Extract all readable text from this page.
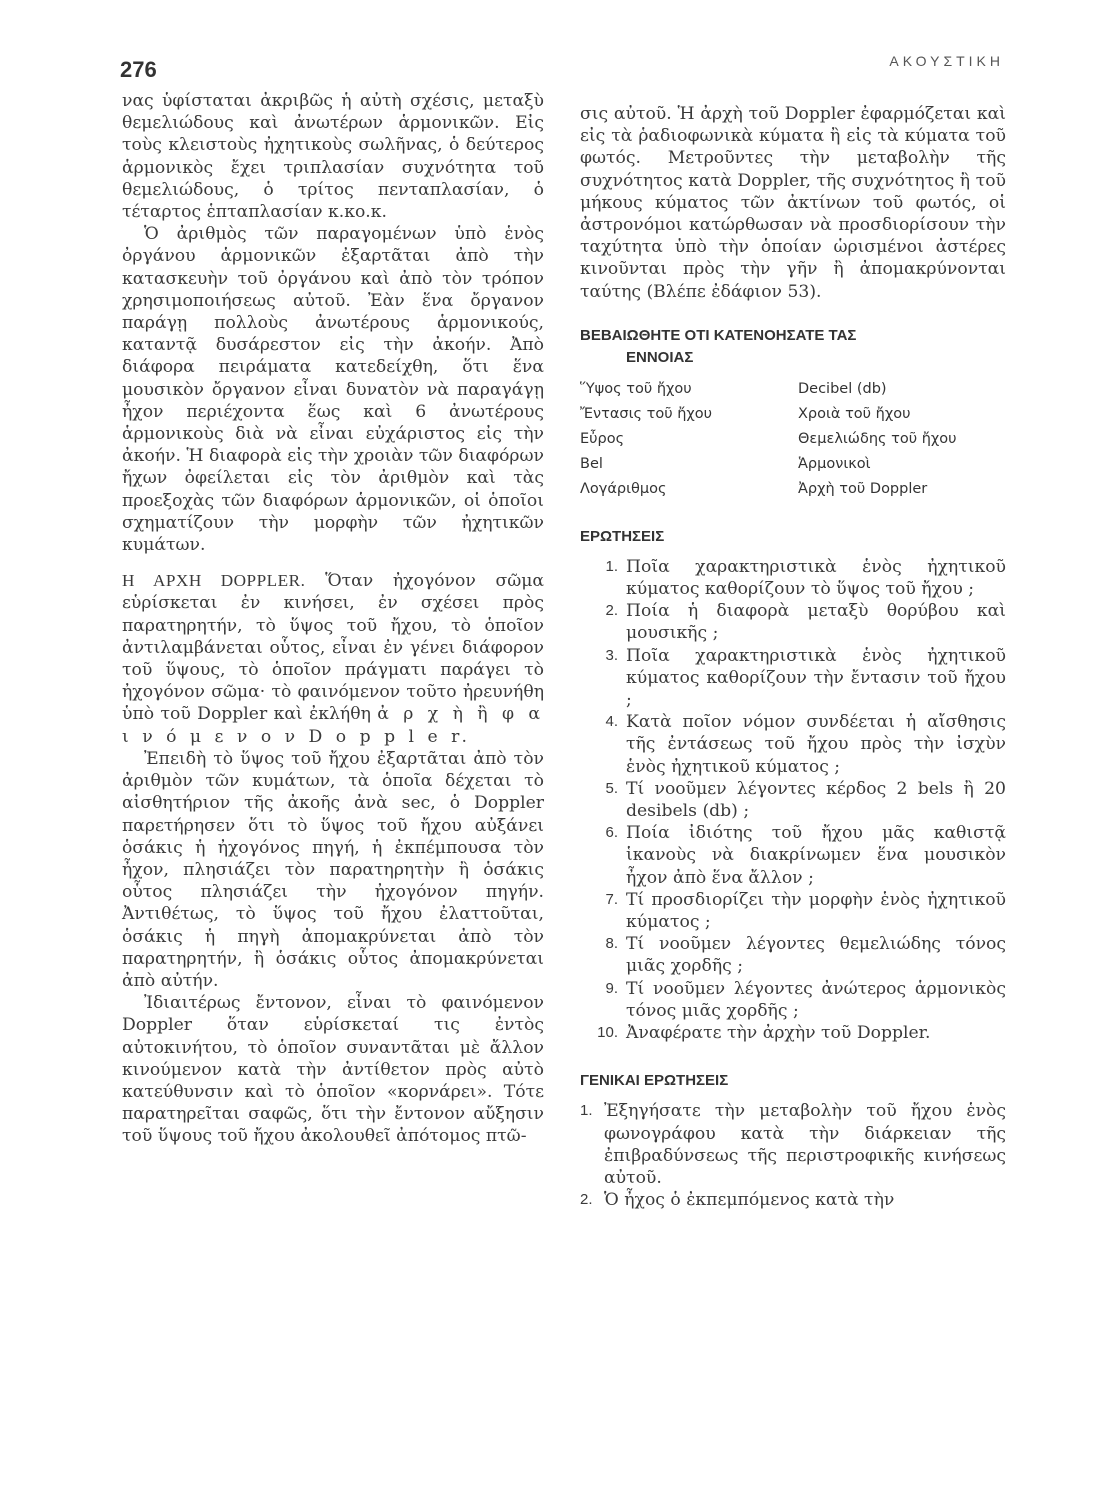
276	ΑΚΟΥΣΤΙΚΗ

νας ὑφίσταται ἀκριβῶς ἡ αὐτὴ σχέσις, μεταξὺ θεμελιώδους καὶ ἀνωτέρων ἁρμονικῶν. Εἰς τοὺς κλειστοὺς ἠχητικοὺς σωλῆνας, ὁ δεύτερος ἁρμονικὸς ἔχει τριπλασίαν συχνότητα τοῦ θεμελιώδους, ὁ τρίτος πενταπλασίαν, ὁ τέταρτος ἑπταπλασίαν κ.κο.κ.

Ὁ ἀριθμὸς τῶν παραγομένων ὑπὸ ἑνὸς ὀργάνου ἁρμονικῶν ἐξαρτᾶται ἀπὸ τὴν κατασκευὴν τοῦ ὀργάνου καὶ ἀπὸ τὸν τρόπον χρησιμοποιήσεως αὐτοῦ. Ἐὰν ἕνα ὄργανον παράγῃ πολλοὺς ἀνωτέρους ἁρμονικούς, καταντᾷ δυσάρεστον εἰς τὴν ἀκοήν. Ἀπὸ διάφορα πειράματα κατεδείχθη, ὅτι ἕνα μουσικὸν ὄργανον εἶναι δυνατὸν νὰ παραγάγῃ ἦχον περιέχοντα ἕως καὶ 6 ἀνωτέρους ἁρμονικοὺς διὰ νὰ εἶναι εὐχάριστος εἰς τὴν ἀκοήν. Ἡ διαφορὰ εἰς τὴν χροιὰν τῶν διαφόρων ἤχων ὀφείλεται εἰς τὸν ἀριθμὸν καὶ τὰς προεξοχὰς τῶν διαφόρων ἁρμονικῶν, οἱ ὁποῖοι σχηματίζουν τὴν μορφὴν τῶν ἠχητικῶν κυμάτων.

Η ΑΡΧΗ DOPPLER. Ὅταν ἠχογόνον σῶμα εὑρίσκεται ἐν κινήσει, ἐν σχέσει πρὸς παρατηρητήν, τὸ ὕψος τοῦ ἤχου, τὸ ὁποῖον ἀντιλαμβάνεται οὗτος, εἶναι ἐν γένει διάφορον τοῦ ὕψους, τὸ ὁποῖον πράγματι παράγει τὸ ἠχογόνον σῶμα· τὸ φαινόμενον τοῦτο ἠρευνήθη ὑπὸ τοῦ Doppler καὶ ἐκλήθη ἀ ρ χ ὴ ἢ φ α ι ν ό μ ε ν ο ν D o p p l e r.

Ἐπειδὴ τὸ ὕψος τοῦ ἤχου ἐξαρτᾶται ἀπὸ τὸν ἀριθμὸν τῶν κυμάτων, τὰ ὁποῖα δέχεται τὸ αἰσθητήριον τῆς ἀκοῆς ἀνὰ sec, ὁ Doppler παρετήρησεν ὅτι τὸ ὕψος τοῦ ἤχου αὐξάνει ὁσάκις ἡ ἠχογόνος πηγή, ἡ ἐκπέμπουσα τὸν ἦχον, πλησιάζει τὸν παρατηρητὴν ἢ ὁσάκις οὗτος πλησιάζει τὴν ἠχογόνον πηγήν. Ἀντιθέτως, τὸ ὕψος τοῦ ἤχου ἐλαττοῦται, ὁσάκις ἡ πηγὴ ἀπομακρύνεται ἀπὸ τὸν παρατηρητήν, ἢ ὁσάκις οὗτος ἀπομακρύνεται ἀπὸ αὐτήν.

Ἰδιαιτέρως ἔντονον, εἶναι τὸ φαινόμενον Doppler ὅταν εὑρίσκεταί τις ἐντὸς αὐτοκινήτου, τὸ ὁποῖον συναντᾶται μὲ ἄλλον κινούμενον κατὰ τὴν ἀντίθετον πρὸς αὐτὸ κατεύθυνσιν καὶ τὸ ὁποῖον «κορνάρει». Τότε παρατηρεῖται σαφῶς, ὅτι τὴν ἔντονον αὔξησιν τοῦ ὕψους τοῦ ἤχου ἀκολουθεῖ ἀπότομος πτῶ-

σις αὐτοῦ. Ἡ ἀρχὴ τοῦ Doppler ἐφαρμόζεται καὶ εἰς τὰ ῥαδιοφωνικὰ κύματα ἢ εἰς τὰ κύματα τοῦ φωτός. Μετροῦντες τὴν μεταβολὴν τῆς συχνότητος κατὰ Doppler, τῆς συχνότητος ἢ τοῦ μήκους κύματος τῶν ἀκτίνων τοῦ φωτός, οἱ ἀστρονόμοι κατώρθωσαν νὰ προσδιορίσουν τὴν ταχύτητα ὑπὸ τὴν ὁποίαν ὡρισμένοι ἀστέρες κινοῦνται πρὸς τὴν γῆν ἢ ἀπομακρύνονται ταύτης (Βλέπε ἐδάφιον 53).

ΒΕΒΑΙΩΘΗΤΕ ΟΤΙ ΚΑΤΕΝΟΗΣΑΤΕ ΤΑΣ
ΕΝΝΟΙΑΣ
Ὕψος τοῦ ἤχου	Decibel (db)
Ἔντασις τοῦ ἤχου	Χροιὰ τοῦ ἤχου
Εὖρος	Θεμελιώδης τοῦ ἤχου
Bel	Ἁρμονικοὶ
Λογάριθμος	Ἀρχὴ τοῦ Doppler
ΕΡΩΤΗΣΕΙΣ
1. Ποῖα χαρακτηριστικὰ ἑνὸς ἠχητικοῦ κύματος καθορίζουν τὸ ὕψος τοῦ ἤχου ;
2. Ποία ἡ διαφορὰ μεταξὺ θορύβου καὶ μουσικῆς ;
3. Ποῖα χαρακτηριστικὰ ἑνὸς ἠχητικοῦ κύματος καθορίζουν τὴν ἔντασιν τοῦ ἤχου ;
4. Κατὰ ποῖον νόμον συνδέεται ἡ αἴσθησις τῆς ἐντάσεως τοῦ ἤχου πρὸς τὴν ἰσχὺν ἑνὸς ἠχητικοῦ κύματος ;
5. Τί νοοῦμεν λέγοντες κέρδος 2 bels ἢ 20 desibels (db) ;
6. Ποία ἰδιότης τοῦ ἤχου μᾶς καθιστᾷ ἱκανοὺς νὰ διακρίνωμεν ἕνα μουσικὸν ἦχον ἀπὸ ἕνα ἄλλον ;
7. Τί προσδιορίζει τὴν μορφὴν ἑνὸς ἠχητικοῦ κύματος ;
8. Τί νοοῦμεν λέγοντες θεμελιώδης τόνος μιᾶς χορδῆς ;
9. Τί νοοῦμεν λέγοντες ἀνώτερος ἁρμονικὸς τόνος μιᾶς χορδῆς ;
10. Ἀναφέρατε τὴν ἀρχὴν τοῦ Doppler.
ΓΕΝΙΚΑΙ ΕΡΩΤΗΣΕΙΣ
1. Ἐξηγήσατε τὴν μεταβολὴν τοῦ ἤχου ἑνὸς φωνογράφου κατὰ τὴν διάρκειαν τῆς ἐπιβραδύνσεως τῆς περιστροφικῆς κινήσεως αὐτοῦ.
2. Ὁ ἦχος ὁ ἐκπεμπόμενος κατὰ τὴν
